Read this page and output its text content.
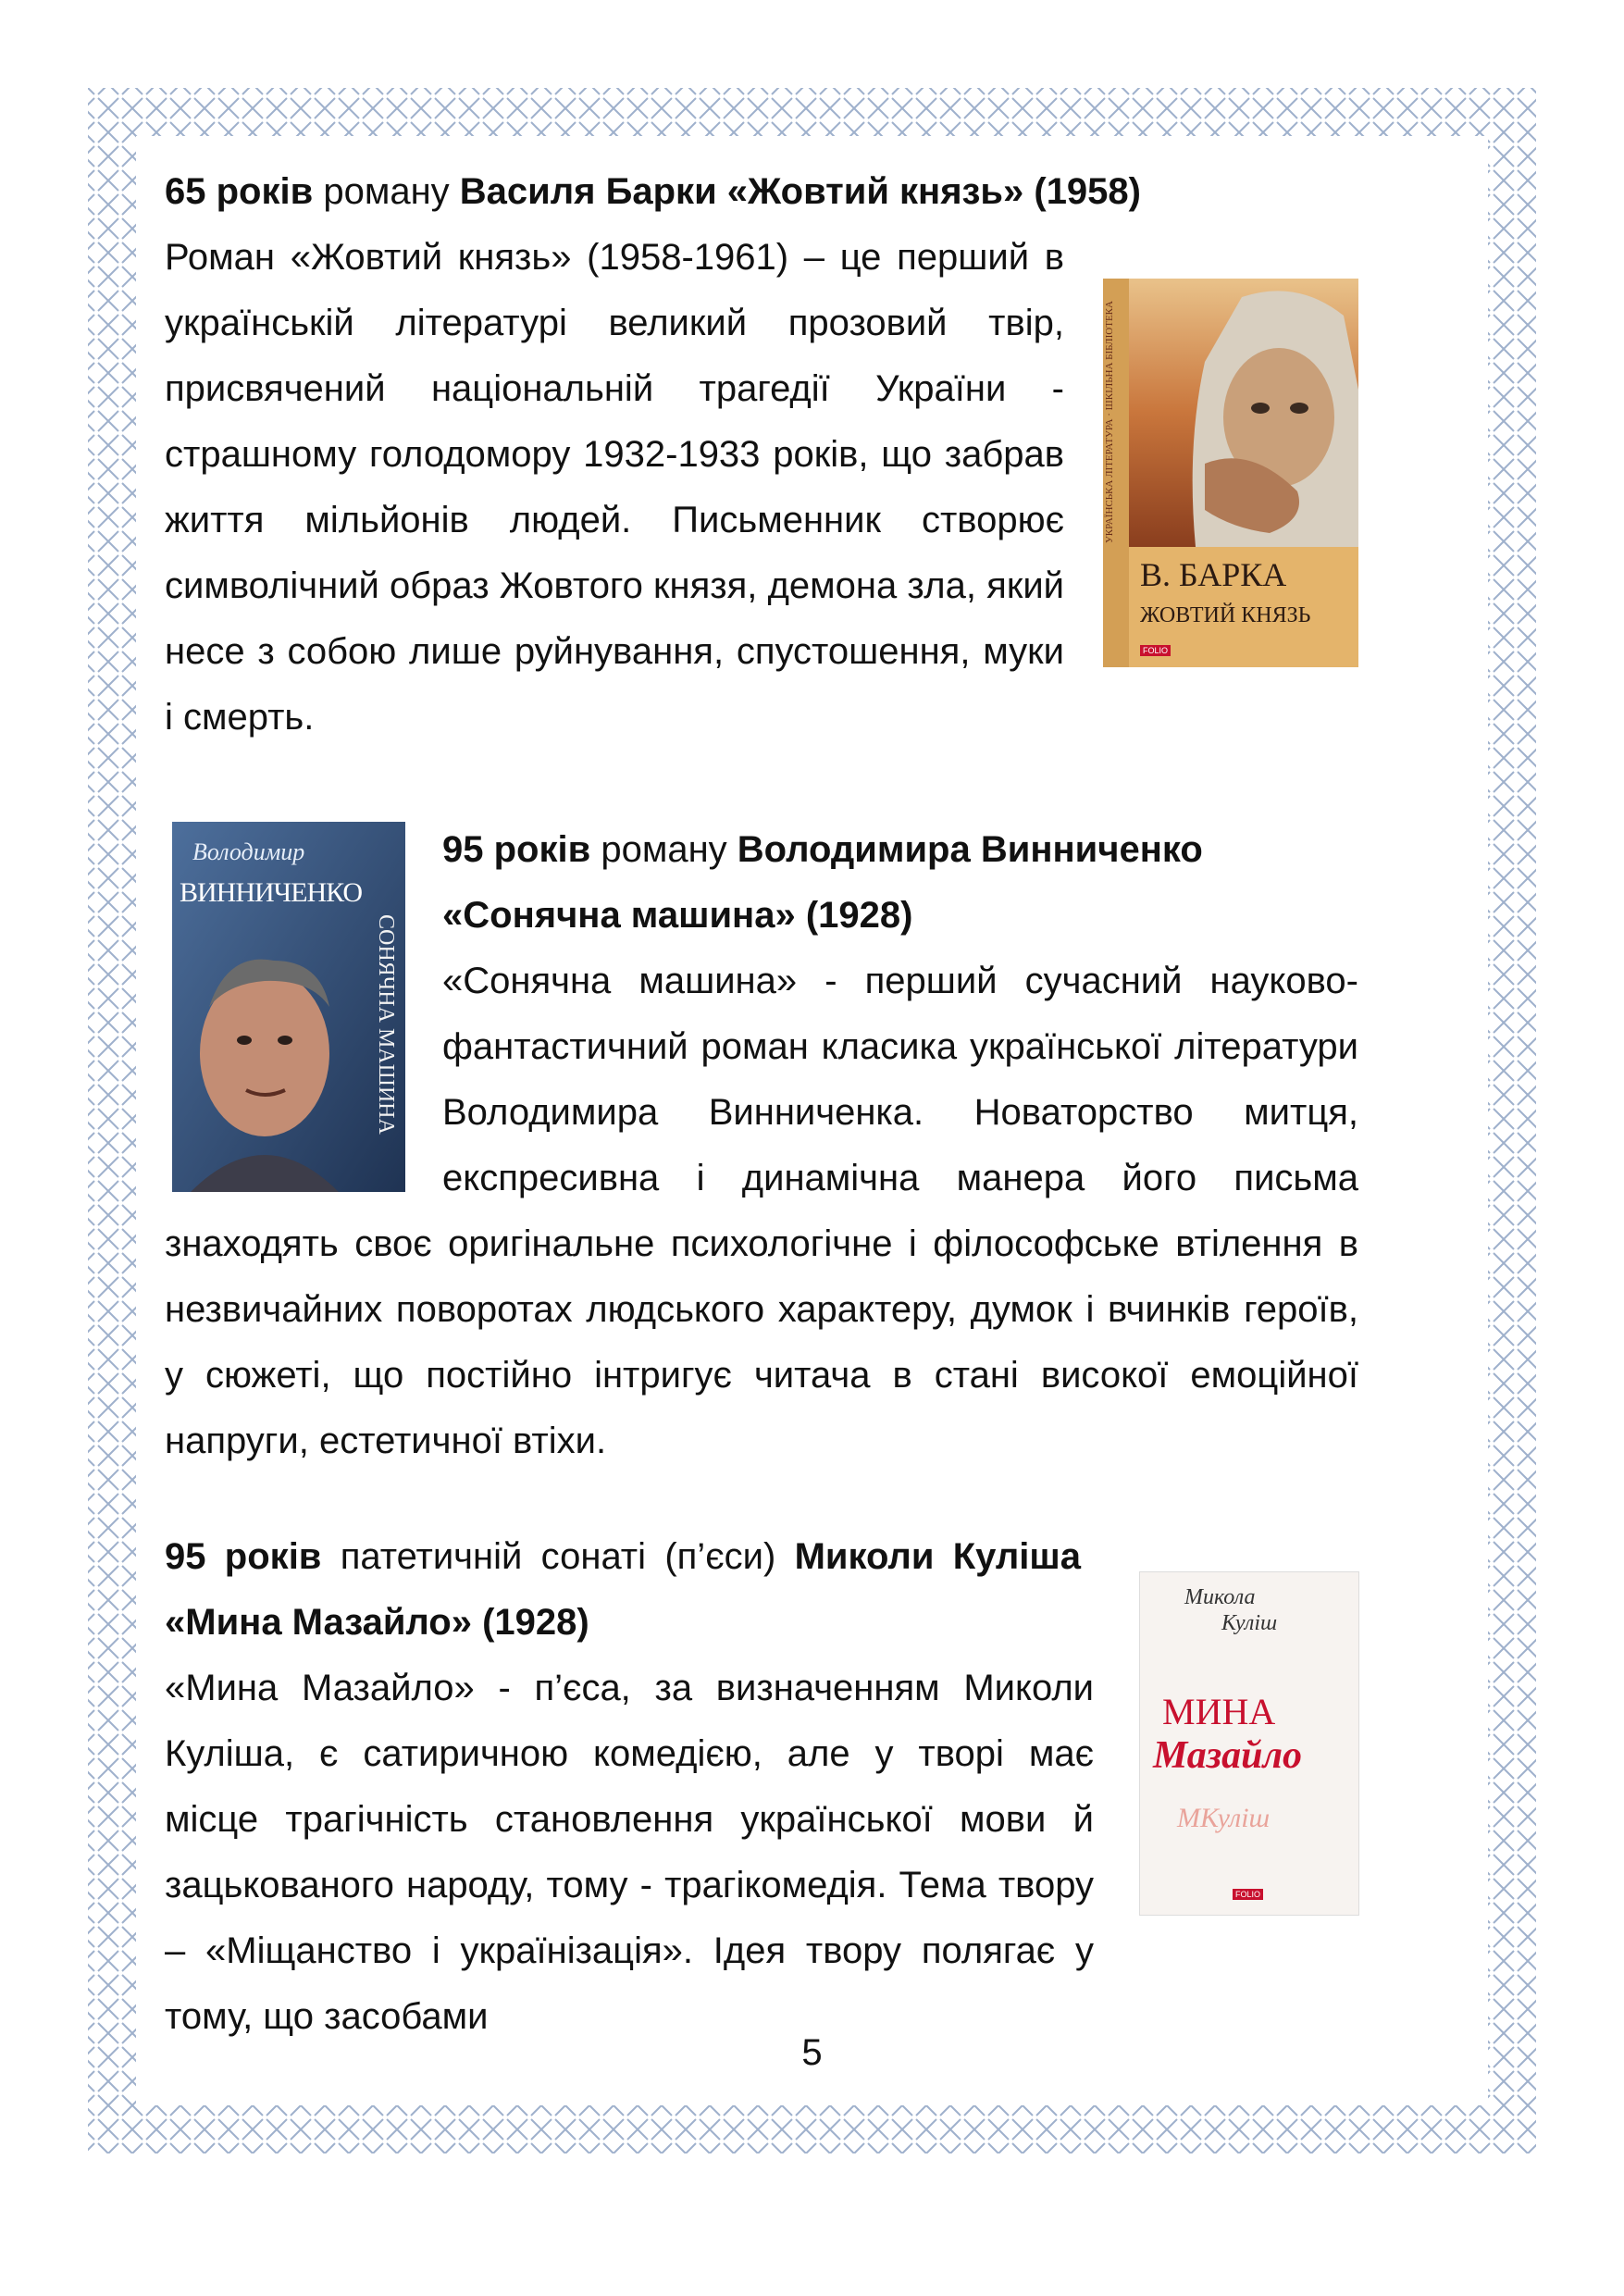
65 років роману Василя Барки «Жовтий князь» (1958)

УКРАЇНСЬКА ЛІТЕРАТУРА · ШКІЛЬНА БІБЛІОТЕКА
В. БАРКА
ЖОВТИЙ КНЯЗЬ
FOLIO

Роман «Жовтий князь» (1958-1961) – це перший в українській літературі великий прозовий твір, присвячений національній трагедії України - страшному голодомору 1932-1933 років, що забрав життя мільйонів людей. Письменник створює символічний образ Жовтого князя, демона зла, який несе з собою лише руйнування, спустошення, муки і смерть.

Володимир
ВИННИЧЕНКО
СОНЯЧНА МАШИНА

95 років роману Володимира Винниченко

«Сонячна машина» (1928)

«Сонячна машина» - перший сучасний науково-фантастичний роман класика української літератури Володимира Винниченка. Новаторство митця, експресивна і динамічна манера його письма знаходять своє оригінальне психологічне і філософське втілення в незвичайних поворотах людського характеру, думок і вчинків героїв, у сюжеті, що постійно інтригує читача в стані високої емоційної напруги, естетичної втіхи.

95 років патетичній сонаті (п’єси) Миколи Куліша «Мина Мазайло» (1928)

Микола
Куліш
МИНА
Мазайло
МКуліш
FOLIO

«Мина Мазайло» - п’єса, за визначенням Миколи Куліша, є сатиричною комедією, але у творі має місце трагічність становлення української мови й зацькованого народу, тому - трагікомедія. Тема твору – «Міщанство і українізація». Ідея твору полягає у тому, що засобами

5
